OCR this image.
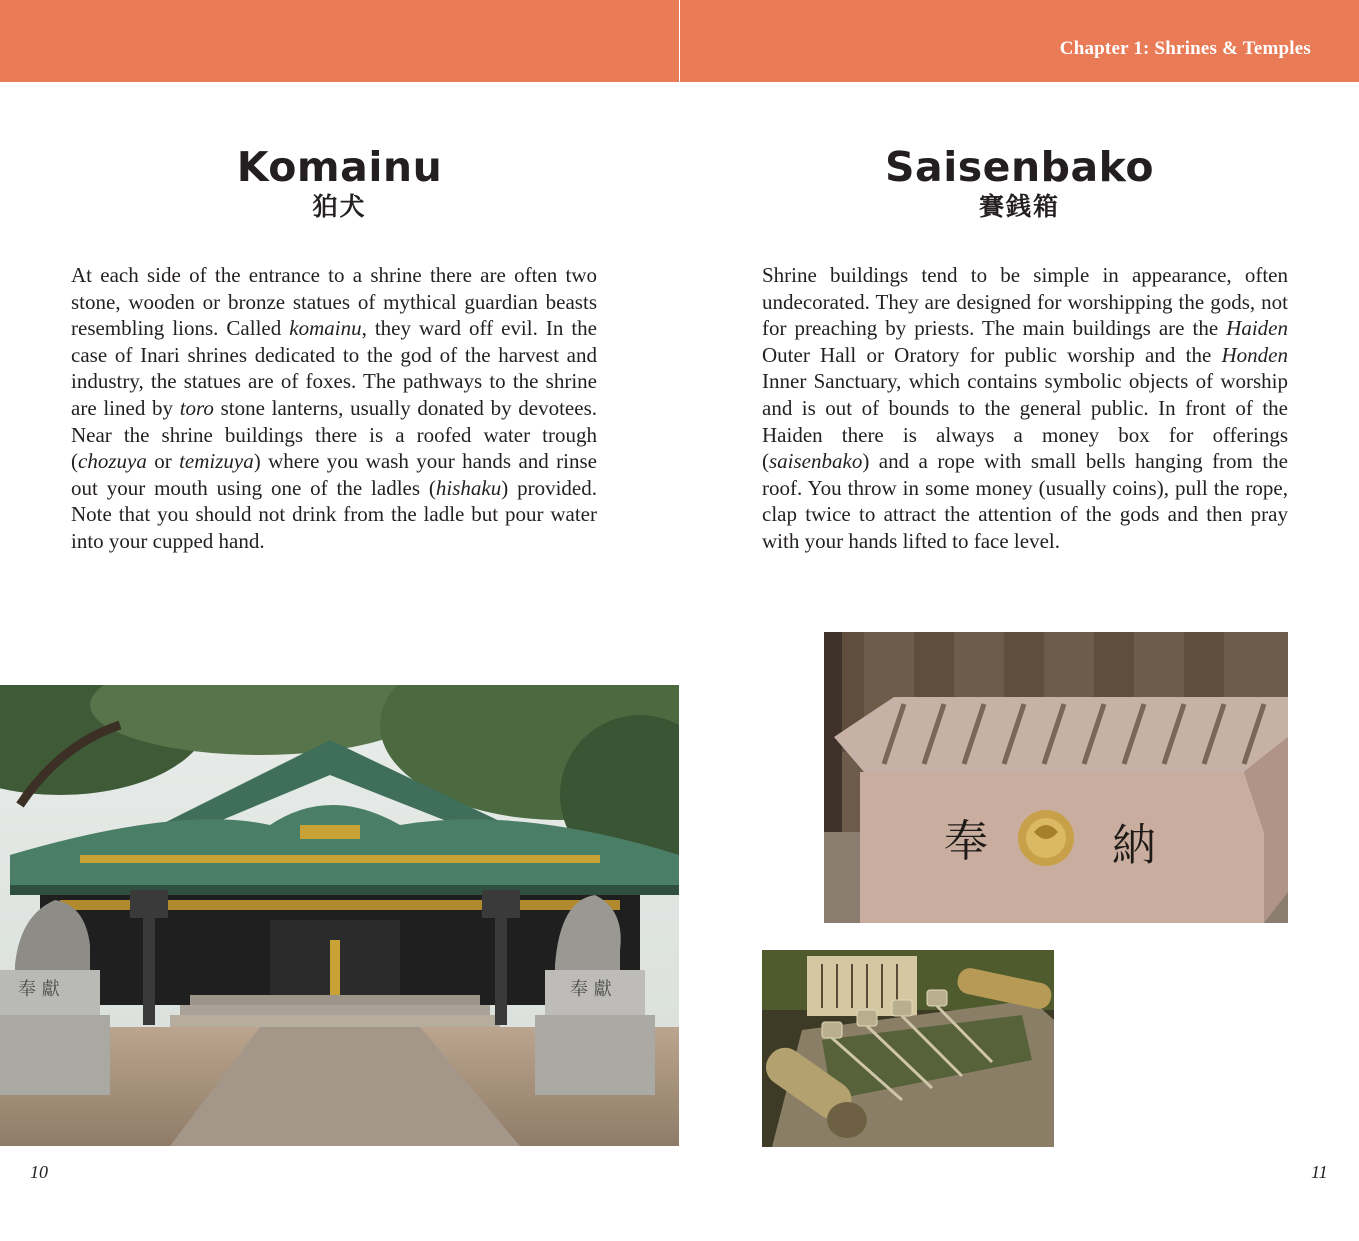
Komainu
狛犬

At each side of the entrance to a shrine there are often two stone, wooden or bronze statues of mythical guardian beasts resembling lions. Called komainu, they ward off evil. In the case of Inari shrines dedicated to the god of the harvest and industry, the statues are of foxes. The pathways to the shrine are lined by toro stone lanterns, usually donated by devotees. Near the shrine buildings there is a roofed water trough (chozuya or temizuya) where you wash your hands and rinse out your mouth using one of the ladles (hishaku) provided. Note that you should not drink from the ladle but pour water into your cupped hand.

奉 獻	奉 獻
10
Chapter 1: Shrines & Temples
Saisenbako
賽銭箱

Shrine buildings tend to be simple in appearance, often undecorated. They are designed for worshipping the gods, not for preaching by priests. The main buildings are the Haiden Outer Hall or Oratory for public worship and the Honden Inner Sanctuary, which contains symbolic objects of worship and is out of bounds to the general public. In front of the Haiden there is always a money box for offerings (saisenbako) and a rope with small bells hanging from the roof. You throw in some money (usually coins), pull the rope, clap twice to attract the attention of the gods and then pray with your hands lifted to face level.

奉	納
11
